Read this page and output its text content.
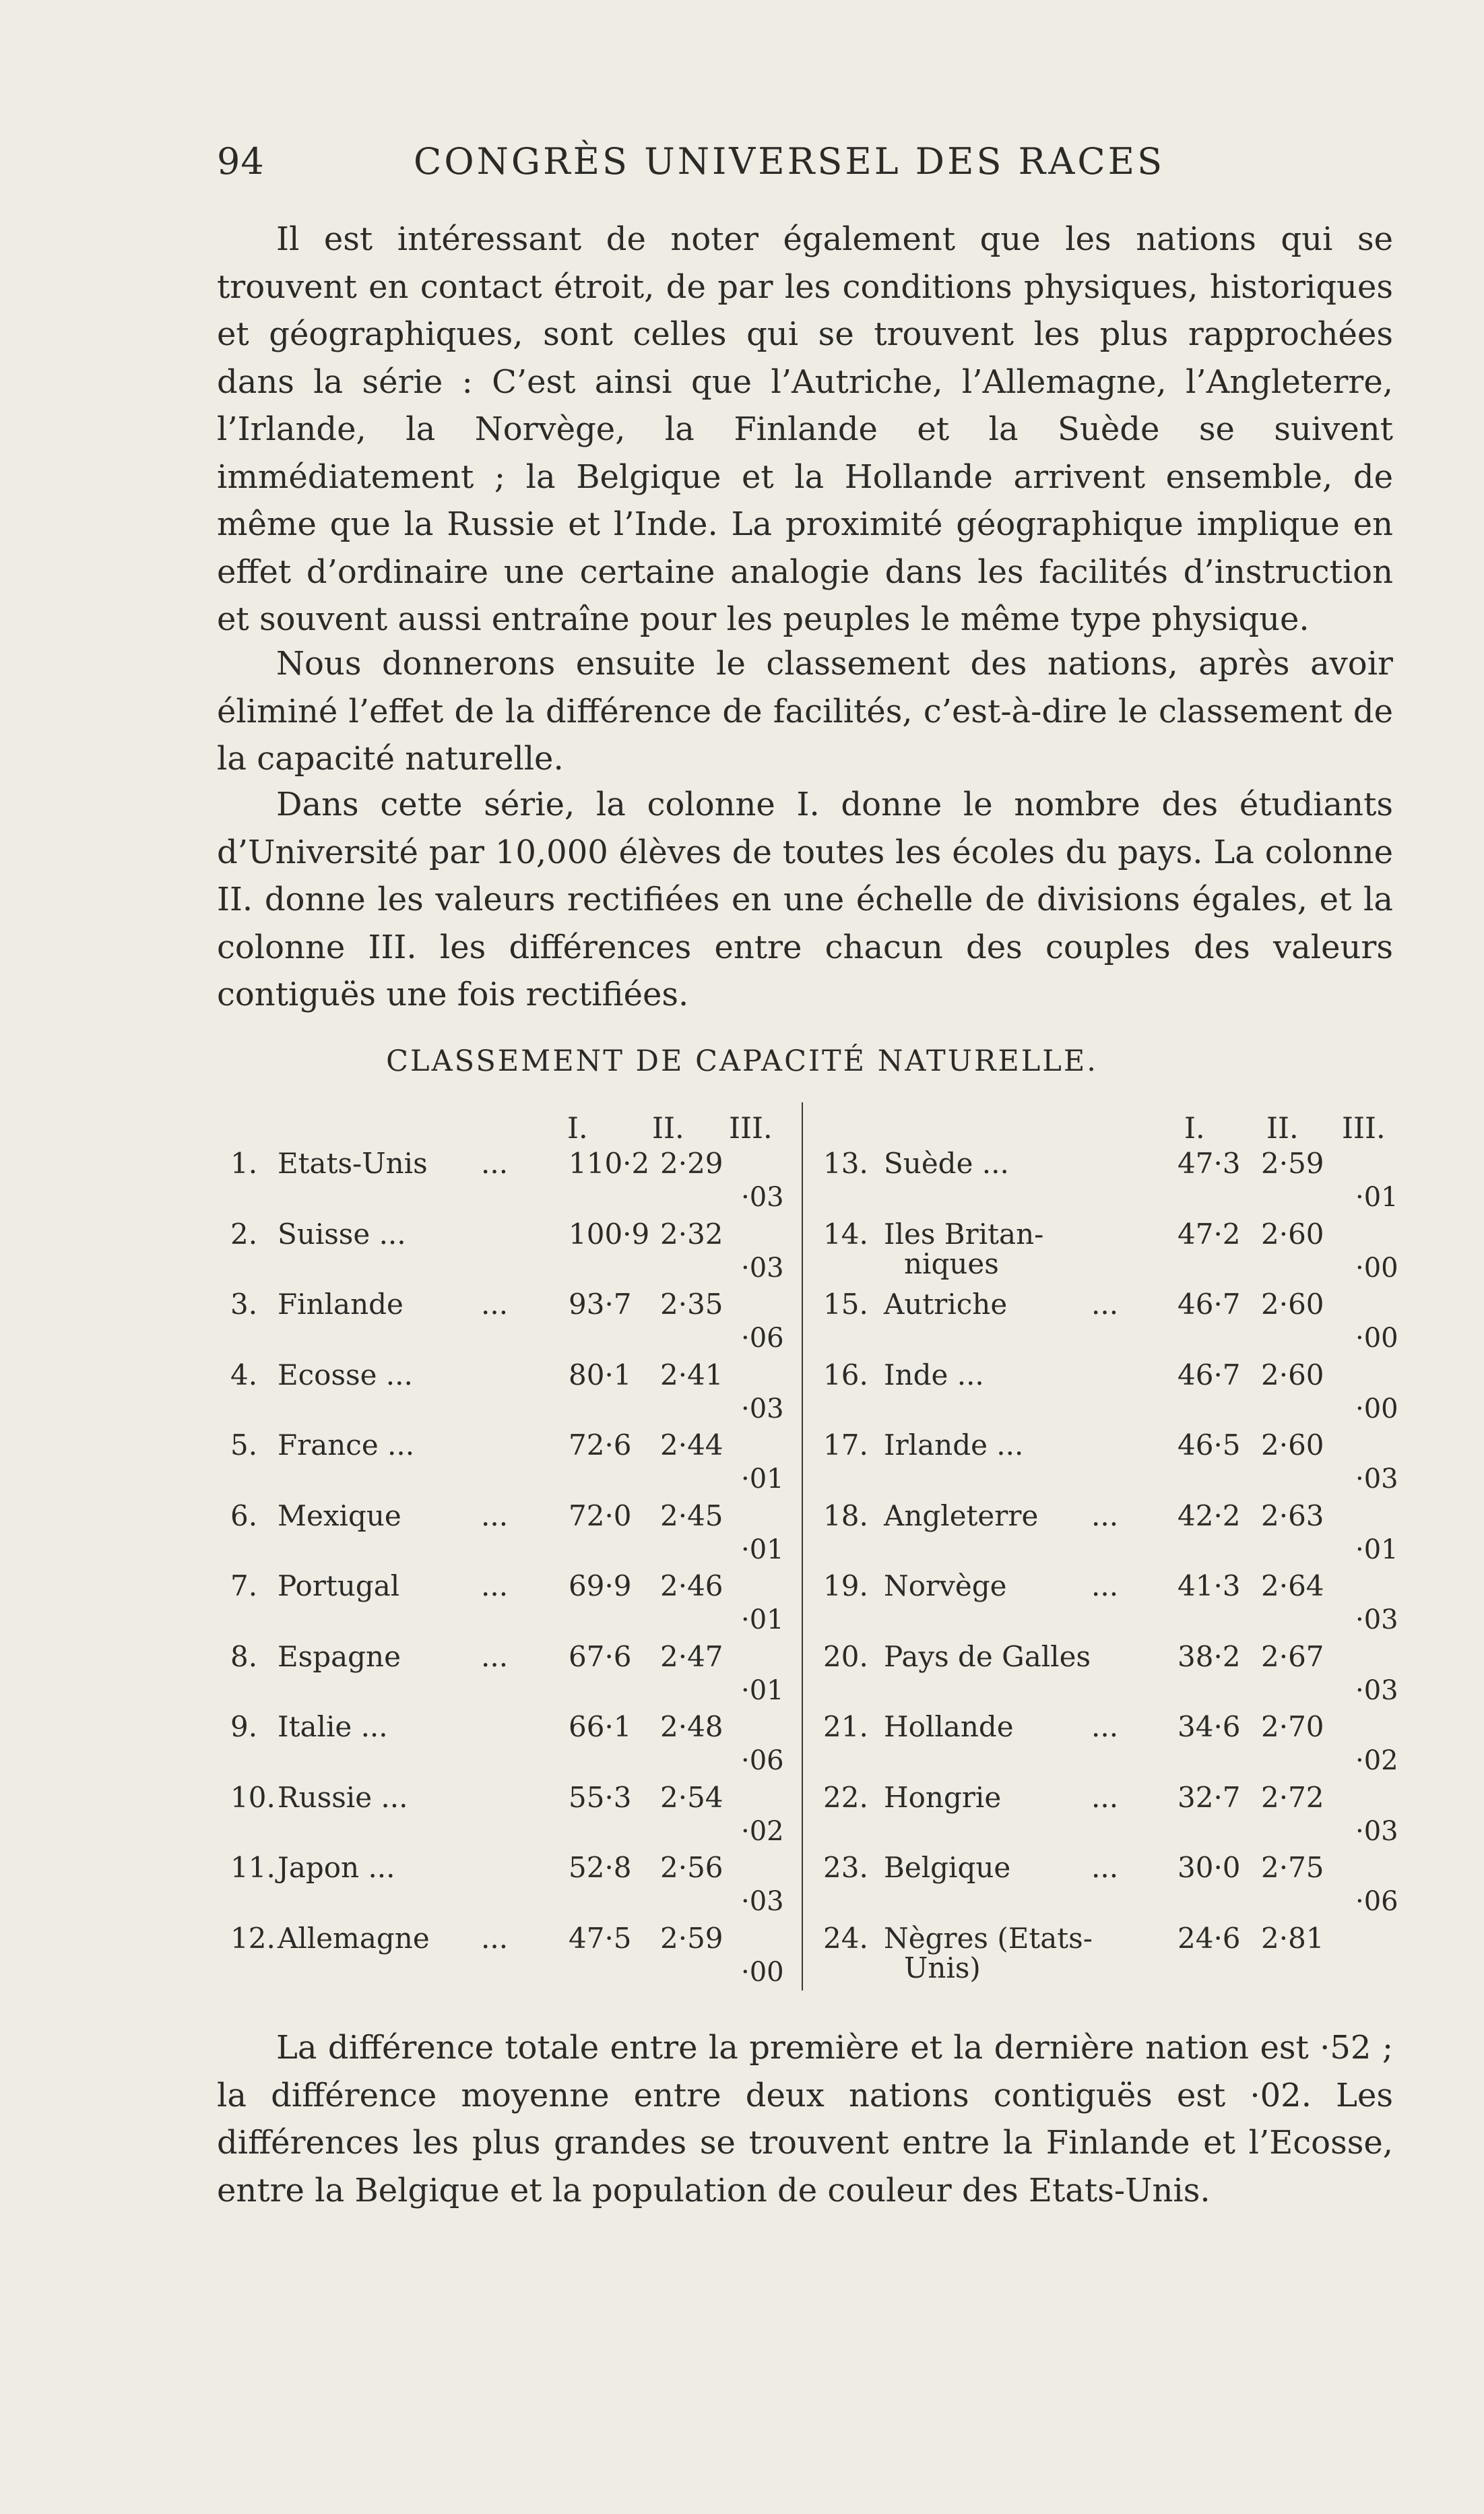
94	CONGRÈS UNIVERSEL DES RACES

Il est intéressant de noter également que les nations qui se trouvent en contact étroit, de par les conditions physiques, historiques et géographiques, sont celles qui se trouvent les plus rapprochées dans la série : C’est ainsi que l’Autriche, l’Allemagne, l’Angleterre, l’Irlande, la Norvège, la Finlande et la Suède se suivent immédiatement ; la Belgique et la Hollande arrivent ensemble, de même que la Russie et l’Inde. La proximité géographique implique en effet d’ordinaire une certaine analogie dans les facilités d’instruction et souvent aussi entraîne pour les peuples le même type physique.

Nous donnerons ensuite le classement des nations, après avoir éliminé l’effet de la différence de facilités, c’est-à-dire le classement de la capacité naturelle.

Dans cette série, la colonne I. donne le nombre des étudiants d’Université par 10,000 élèves de toutes les écoles du pays. La colonne II. donne les valeurs rectifiées en une échelle de divisions égales, et la colonne III. les différences entre chacun des couples des valeurs contiguës une fois rectifiées.

CLASSEMENT DE CAPACITÉ NATURELLE.
I. II. III.	I. II. III.
1. Etats-Unis ... 110·2 2·29
·03
2. Suisse ...	100·9 2·32
·03
3. Finlande	... 93·7 2·35
·06
4. Ecosse ...	80·1 2·41
·03
5. France ...	72·6 2·44
·01
6. Mexique	... 72·0 2·45
·01
7. Portugal	... 69·9 2·46
·01
8. Espagne	... 67·6 2·47
·01
9. Italie ...	66·1 2·48
·06
10. Russie ...	55·3 2·54
·02
11. Japon ...	52·8 2·56
·03
12. Allemagne ... 47·5 2·59
·00
13. Suède ...	47·3 2·59
·01
14. Iles Britan-
niques
47·2 2·60
·00
15. Autriche	... 46·7 2·60
·00
16. Inde ...	46·7 2·60
·00
17. Irlande ...	46·5 2·60
·03
18. Angleterre ... 42·2 2·63
·01
19. Norvège	... 41·3 2·64
·03
20. Pays de Galles	38·2 2·67
·03
21. Hollande	... 34·6 2·70
·02
22. Hongrie	... 32·7 2·72
·03
23. Belgique	... 30·0 2·75
·06
24. Nègres (Etats-
Unis)
24·6 2·81

La différence totale entre la première et la dernière nation est ·52 ; la différence moyenne entre deux nations contiguës est ·02. Les différences les plus grandes se trouvent entre la Finlande et l’Ecosse, entre la Belgique et la population de couleur des Etats-Unis.
